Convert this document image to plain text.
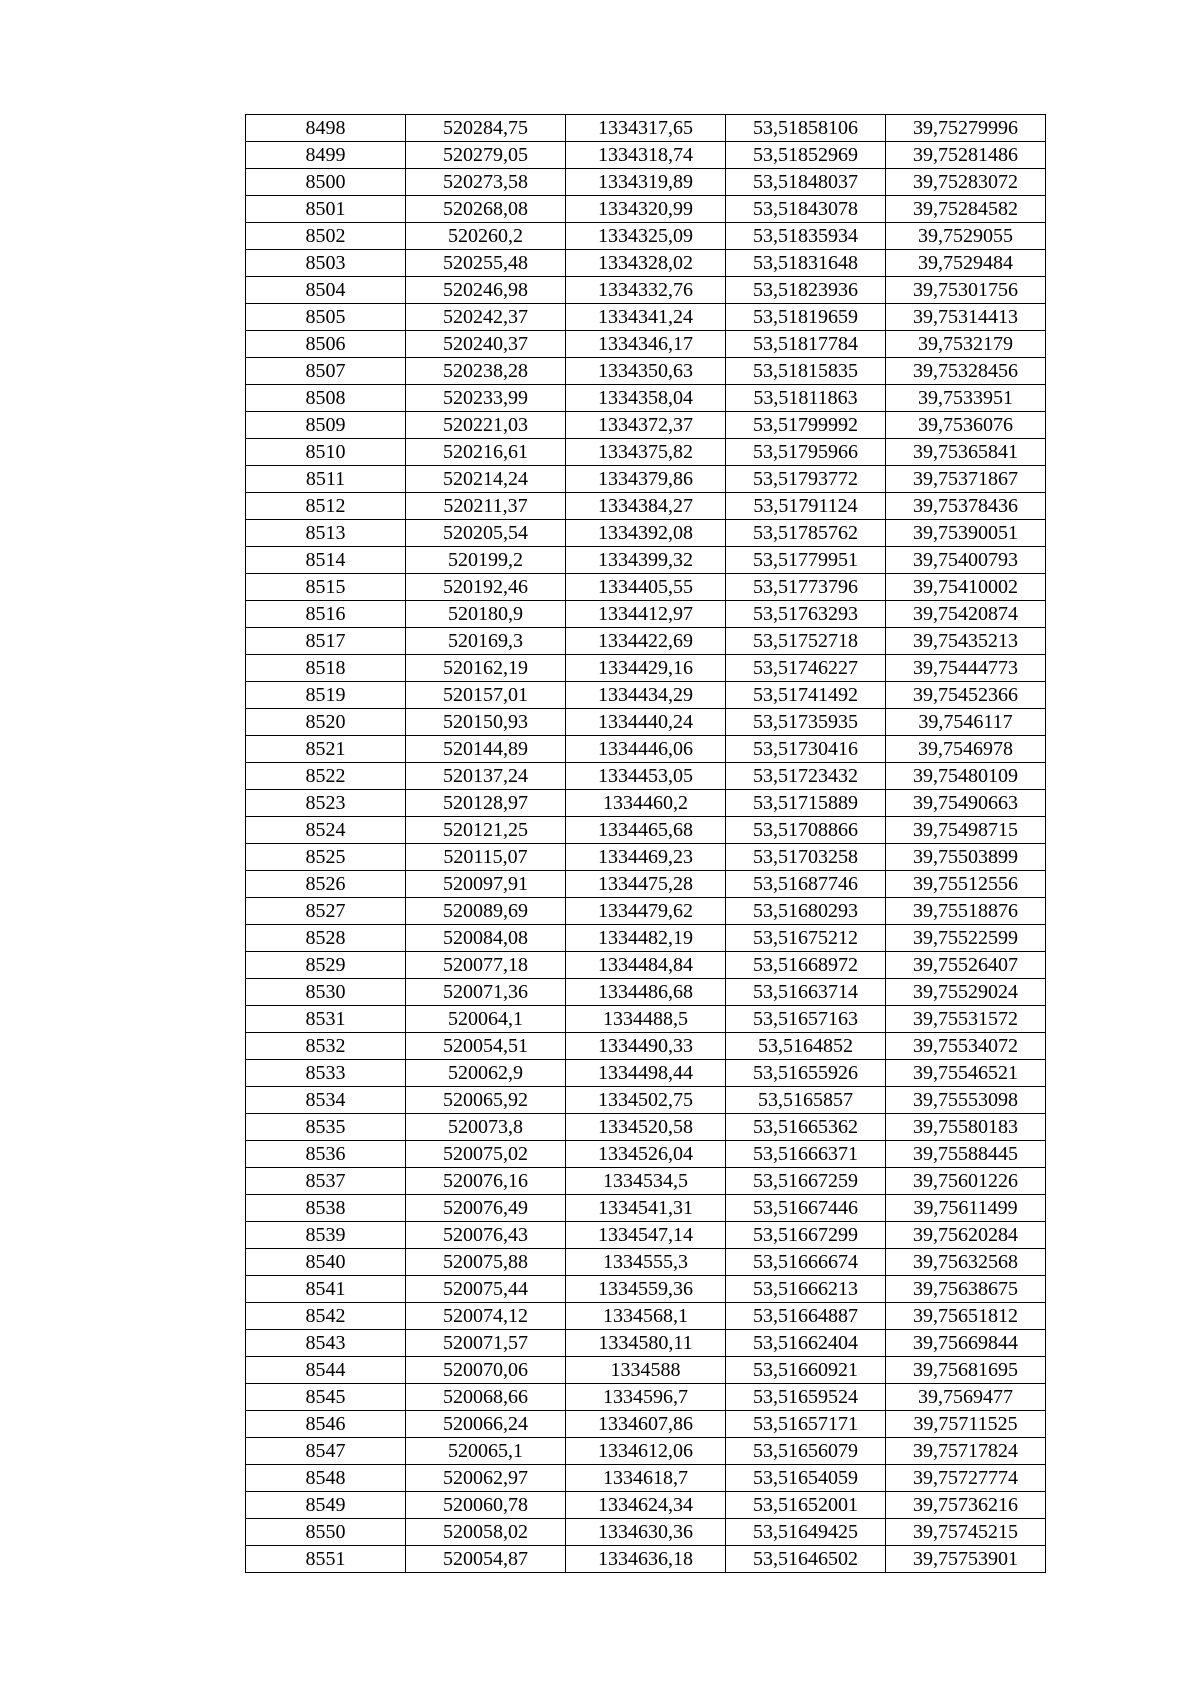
8498	520284,75	1334317,65	53,51858106	39,75279996
8499	520279,05	1334318,74	53,51852969	39,75281486
8500	520273,58	1334319,89	53,51848037	39,75283072
8501	520268,08	1334320,99	53,51843078	39,75284582
8502	520260,2	1334325,09	53,51835934	39,7529055
8503	520255,48	1334328,02	53,51831648	39,7529484
8504	520246,98	1334332,76	53,51823936	39,75301756
8505	520242,37	1334341,24	53,51819659	39,75314413
8506	520240,37	1334346,17	53,51817784	39,7532179
8507	520238,28	1334350,63	53,51815835	39,75328456
8508	520233,99	1334358,04	53,51811863	39,7533951
8509	520221,03	1334372,37	53,51799992	39,7536076
8510	520216,61	1334375,82	53,51795966	39,75365841
8511	520214,24	1334379,86	53,51793772	39,75371867
8512	520211,37	1334384,27	53,51791124	39,75378436
8513	520205,54	1334392,08	53,51785762	39,75390051
8514	520199,2	1334399,32	53,51779951	39,75400793
8515	520192,46	1334405,55	53,51773796	39,75410002
8516	520180,9	1334412,97	53,51763293	39,75420874
8517	520169,3	1334422,69	53,51752718	39,75435213
8518	520162,19	1334429,16	53,51746227	39,75444773
8519	520157,01	1334434,29	53,51741492	39,75452366
8520	520150,93	1334440,24	53,51735935	39,7546117
8521	520144,89	1334446,06	53,51730416	39,7546978
8522	520137,24	1334453,05	53,51723432	39,75480109
8523	520128,97	1334460,2	53,51715889	39,75490663
8524	520121,25	1334465,68	53,51708866	39,75498715
8525	520115,07	1334469,23	53,51703258	39,75503899
8526	520097,91	1334475,28	53,51687746	39,75512556
8527	520089,69	1334479,62	53,51680293	39,75518876
8528	520084,08	1334482,19	53,51675212	39,75522599
8529	520077,18	1334484,84	53,51668972	39,75526407
8530	520071,36	1334486,68	53,51663714	39,75529024
8531	520064,1	1334488,5	53,51657163	39,75531572
8532	520054,51	1334490,33	53,5164852	39,75534072
8533	520062,9	1334498,44	53,51655926	39,75546521
8534	520065,92	1334502,75	53,5165857	39,75553098
8535	520073,8	1334520,58	53,51665362	39,75580183
8536	520075,02	1334526,04	53,51666371	39,75588445
8537	520076,16	1334534,5	53,51667259	39,75601226
8538	520076,49	1334541,31	53,51667446	39,75611499
8539	520076,43	1334547,14	53,51667299	39,75620284
8540	520075,88	1334555,3	53,51666674	39,75632568
8541	520075,44	1334559,36	53,51666213	39,75638675
8542	520074,12	1334568,1	53,51664887	39,75651812
8543	520071,57	1334580,11	53,51662404	39,75669844
8544	520070,06	1334588	53,51660921	39,75681695
8545	520068,66	1334596,7	53,51659524	39,7569477
8546	520066,24	1334607,86	53,51657171	39,75711525
8547	520065,1	1334612,06	53,51656079	39,75717824
8548	520062,97	1334618,7	53,51654059	39,75727774
8549	520060,78	1334624,34	53,51652001	39,75736216
8550	520058,02	1334630,36	53,51649425	39,75745215
8551	520054,87	1334636,18	53,51646502	39,75753901
